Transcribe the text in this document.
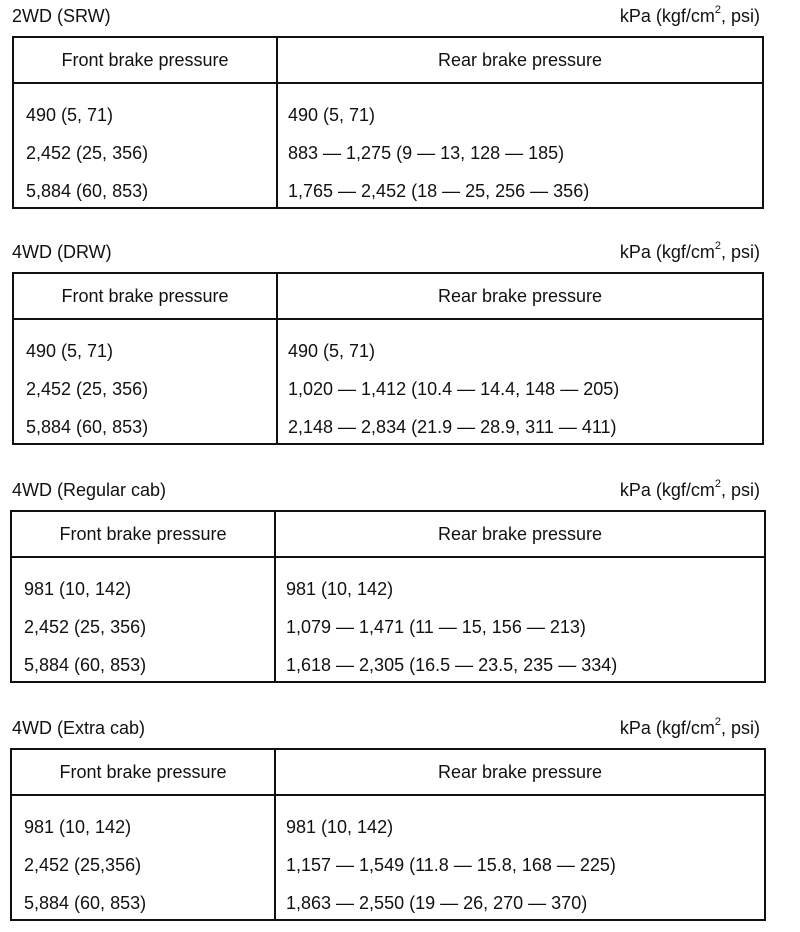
2WD (SRW)	kPa ($kgf/cm^2$, psi)
Front brake pressure	Rear brake pressure
490 (5, 71)	490 (5, 71)
2,452 (25, 356)	883 — 1,275 (9 — 13, 128 — 185)
5,884 (60, 853)	1,765 — 2,452 (18 — 25, 256 — 356)
4WD (DRW)	kPa ($kgf/cm^2$, psi)
Front brake pressure	Rear brake pressure
490 (5, 71)	490 (5, 71)
2,452 (25, 356)	1,020 — 1,412 (10.4 — 14.4, 148 — 205)
5,884 (60, 853)	2,148 — 2,834 (21.9 — 28.9, 311 — 411)
4WD (Regular cab)	kPa ($kgf/cm^2$, psi)
Front brake pressure	Rear brake pressure
981 (10, 142)	981 (10, 142)
2,452 (25, 356)	1,079 — 1,471 (11 — 15, 156 — 213)
5,884 (60, 853)	1,618 — 2,305 (16.5 — 23.5, 235 — 334)
4WD (Extra cab)	kPa ($kgf/cm^2$, psi)
Front brake pressure	Rear brake pressure
981 (10, 142)	981 (10, 142)
2,452 (25,356)	1,157 — 1,549 (11.8 — 15.8, 168 — 225)
5,884 (60, 853)	1,863 — 2,550 (19 — 26, 270 — 370)
